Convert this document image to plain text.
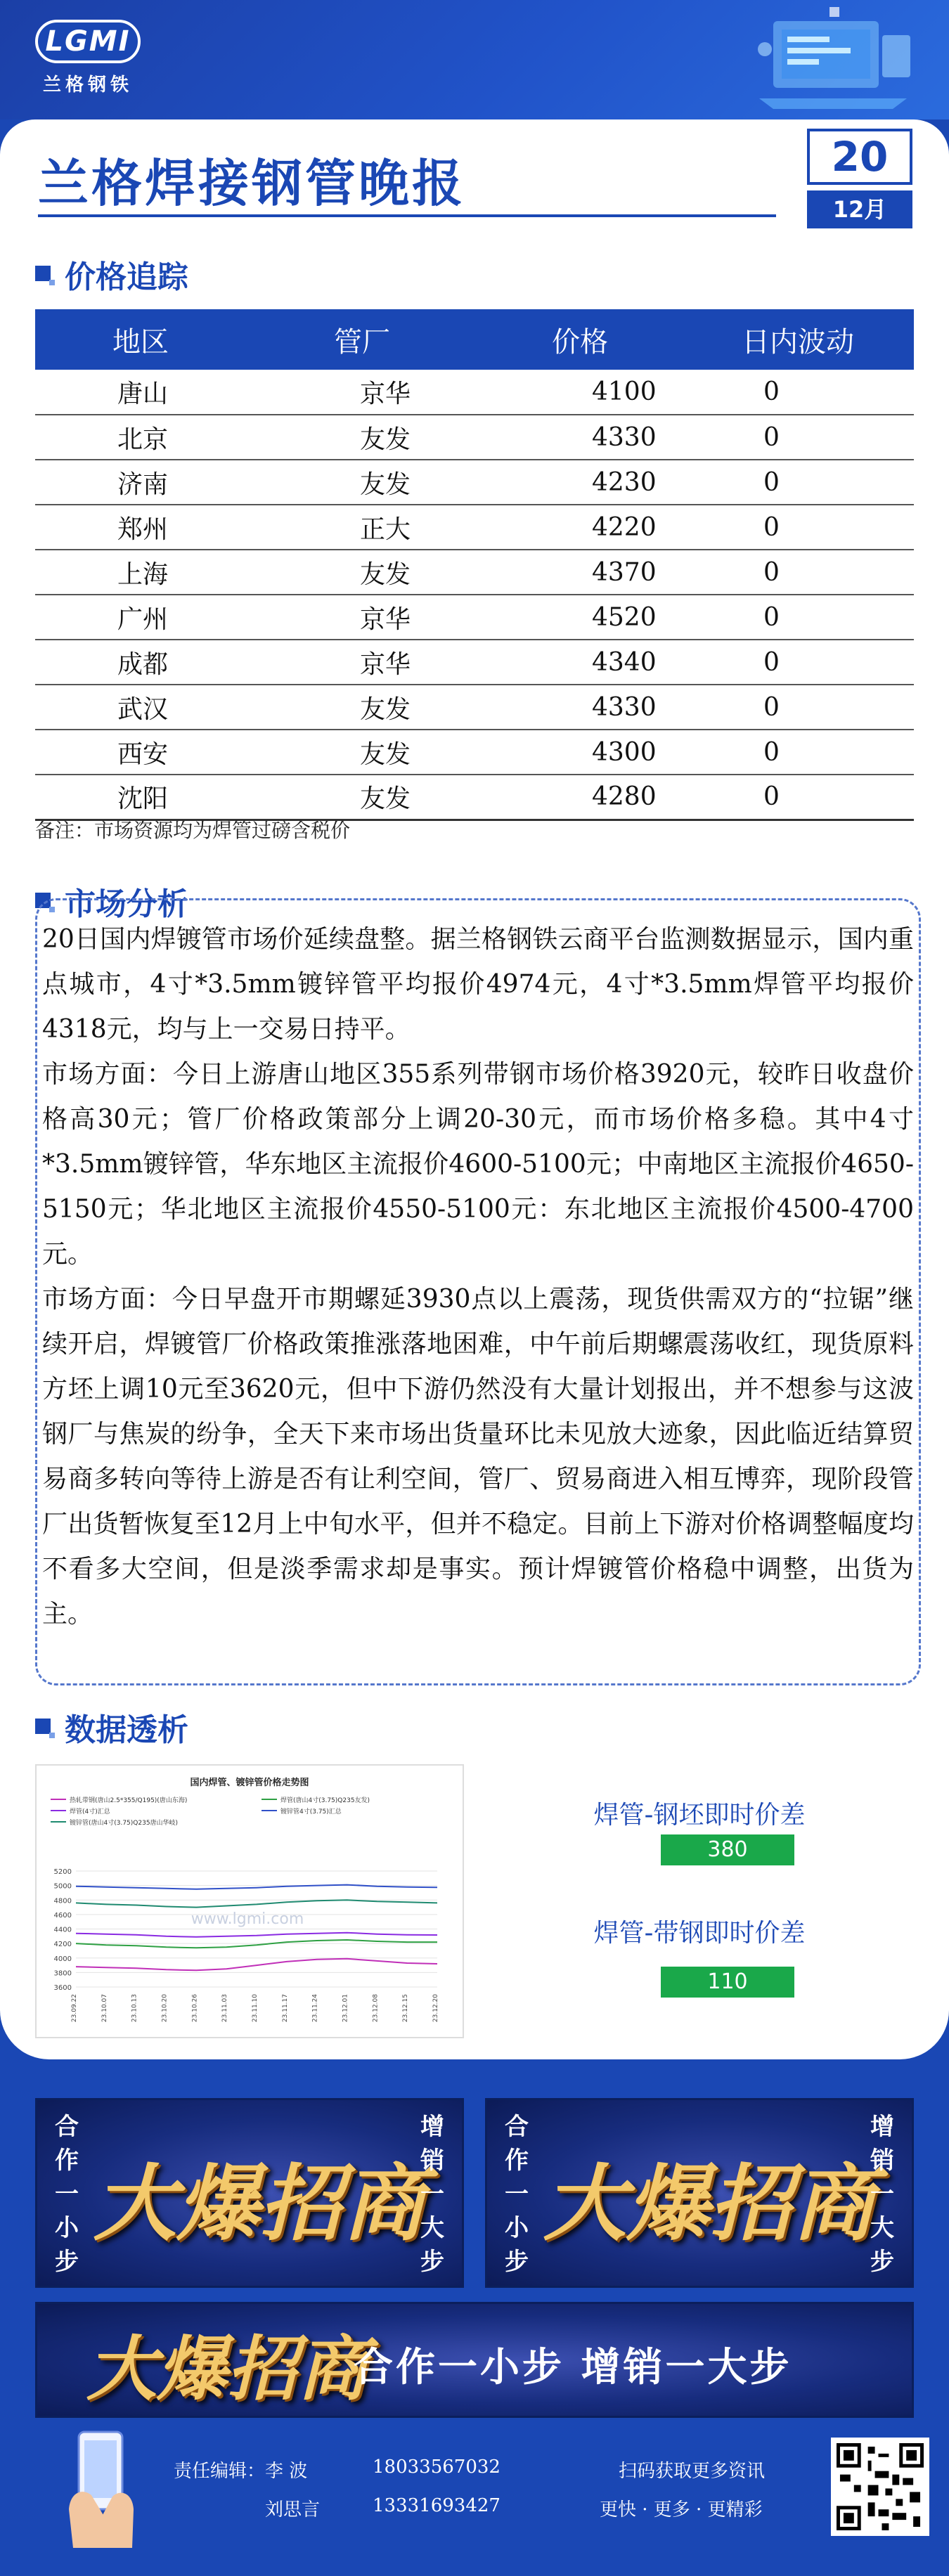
LGMI
兰格钢铁
兰格焊接钢管晚报	20
12月
价格追踪
地区	管厂	价格	日内波动
唐山	京华	4100	0
北京	友发	4330	0
济南	友发	4230	0
郑州	正大	4220	0
上海	友发	4370	0
广州	京华	4520	0
成都	京华	4340	0
武汉	友发	4330	0
西安	友发	4300	0
沈阳	友发	4280	0
备注：市场资源均为焊管过磅含税价
市场分析

20日国内焊镀管市场价延续盘整。据兰格钢铁云商平台监测数据显示，国内重点城市，4寸*3.5mm镀锌管平均报价4974元，4寸*3.5mm焊管平均报价4318元，均与上一交易日持平。

市场方面：今日上游唐山地区355系列带钢市场价格3920元，较昨日收盘价格高30元；管厂价格政策部分上调20-30元，而市场价格多稳。其中4寸*3.5mm镀锌管，华东地区主流报价4600-5100元；中南地区主流报价4650-5150元；华北地区主流报价4550-5100元：东北地区主流报价4500-4700元。

市场方面：今日早盘开市期螺延3930点以上震荡，现货供需双方的“拉锯”继续开启，焊镀管厂价格政策推涨落地困难，中午前后期螺震荡收红，现货原料方坯上调10元至3620元，但中下游仍然没有大量计划报出，并不想参与这波钢厂与焦炭的纷争，全天下来市场出货量环比未见放大迹象，因此临近结算贸易商多转向等待上游是否有让利空间，管厂、贸易商进入相互博弈，现阶段管厂出货暂恢复至12月上中旬水平，但并不稳定。目前上下游对价格调整幅度均不看多大空间，但是淡季需求却是事实。预计焊镀管价格稳中调整，出货为主。

数据透析
国内焊管、镀锌管价格走势图
热轧带钢(唐山2.5*355/Q195)(唐山东海)	焊管(唐山4寸(3.75)Q235友发)
焊管(4寸)汇总	镀锌管4寸(3.75)汇总
镀锌管(唐山4寸(3.75)Q235唐山华岐)
www.lgmi.com
3600
3800
4000
4200
4400
4600
4800
5000
5200
23.09.22	23.10.07	23.10.13	23.10.20	23.10.26	23.11.03	23.11.10	23.11.17	23.11.24	23.12.01	23.12.08	23.12.15	23.12.20
焊管-钢坯即时价差
380
焊管-带钢即时价差
110
合作一小步
大爆招商
增销一大步
合作一小步
大爆招商
增销一大步
大爆招商
合作一小步 增销一大步
责任编辑： 李 波	18033567032
刘思言	13331693427
扫码获取更多资讯
更快 · 更多 · 更精彩
